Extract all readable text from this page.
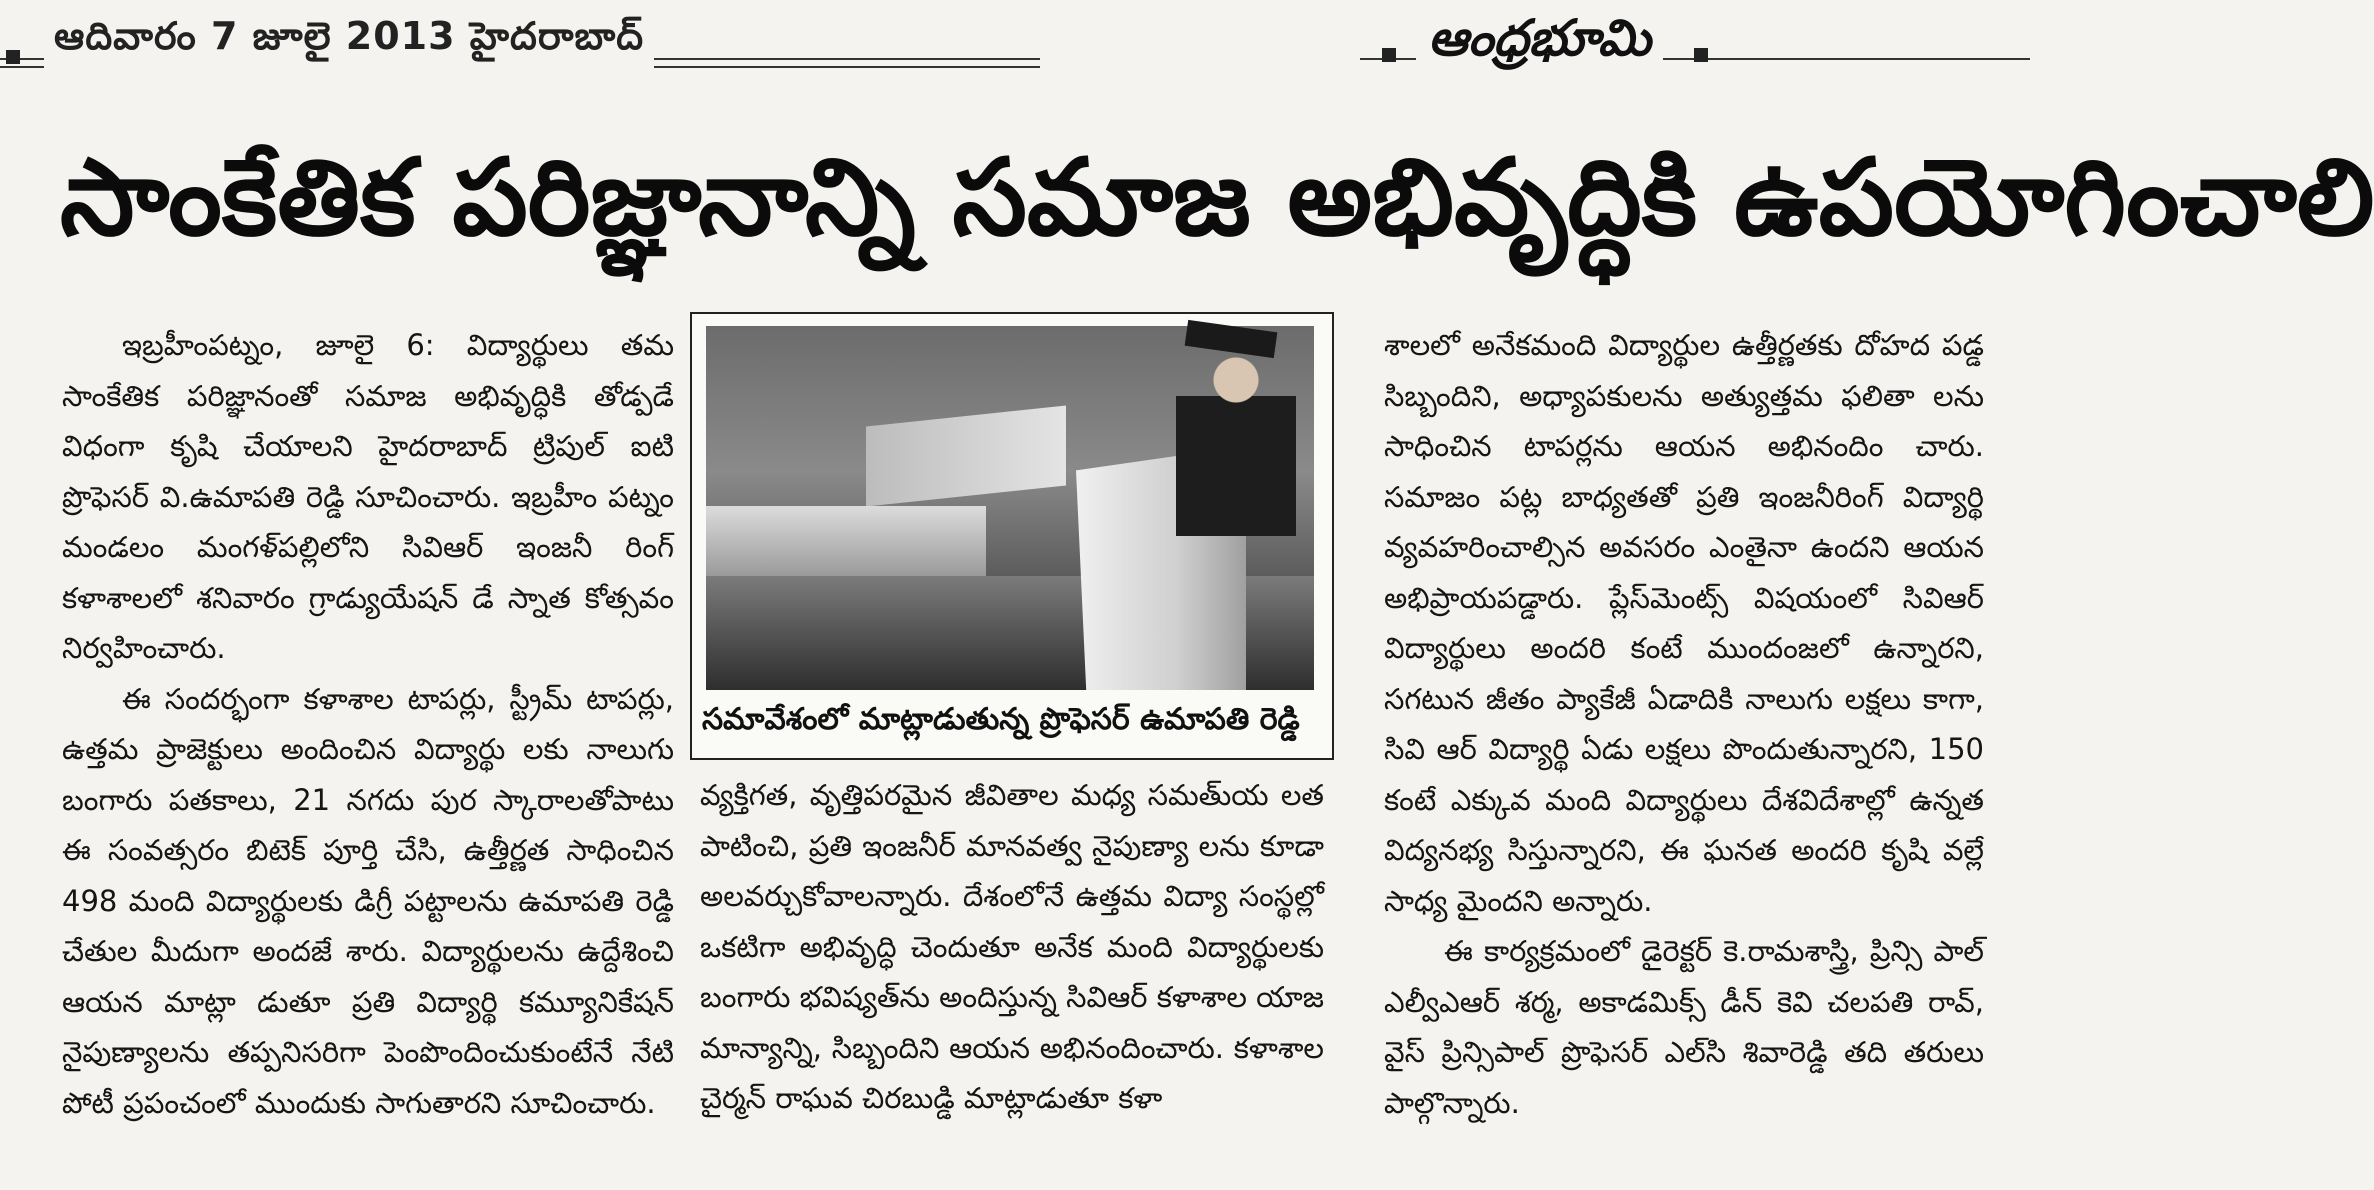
ఆదివారం 7 జూలై 2013 హైదరాబాద్	ఆంధ్రభూమి
సాంకేతిక పరిజ్ఞానాన్ని సమాజ అభివృద్ధికి ఉపయోగించాలి

ఇబ్రహీంపట్నం, జూలై 6: విద్యార్థులు తమ సాంకేతిక పరిజ్ఞానంతో సమాజ అభివృద్ధికి తోడ్పడే విధంగా కృషి చేయాలని హైదరాబాద్ ట్రిపుల్ ఐటి ప్రొఫెసర్ వి.ఉమాపతి రెడ్డి సూచించారు. ఇబ్రహీం పట్నం మండలం మంగళ్‌పల్లిలోని సివిఆర్ ఇంజనీ రింగ్ కళాశాలలో శనివారం గ్రాడ్యుయేషన్ డే స్నాత కోత్సవం నిర్వహించారు.

ఈ సందర్భంగా కళాశాల టాపర్లు, స్ట్రీమ్ టాపర్లు, ఉత్తమ ప్రాజెక్టులు అందించిన విద్యార్థు లకు నాలుగు బంగారు పతకాలు, 21 నగదు పుర స్కారాలతోపాటు ఈ సంవత్సరం బిటెక్ పూర్తి చేసి, ఉత్తీర్ణత సాధించిన 498 మంది విద్యార్థులకు డిగ్రీ పట్టాలను ఉమాపతి రెడ్డి చేతుల మీదుగా అందజే శారు. విద్యార్థులను ఉద్దేశించి ఆయన మాట్లా డుతూ ప్రతి విద్యార్థి కమ్యూనికేషన్ నైపుణ్యాలను తప్పనిసరిగా పెంపొందించుకుంటేనే నేటి పోటీ ప్రపంచంలో ముందుకు సాగుతారని సూచించారు.

సమావేశంలో మాట్లాడుతున్న ప్రొఫెసర్ ఉమాపతి రెడ్డి

వ్యక్తిగత, వృత్తిపరమైన జీవితాల మధ్య సమతు్య లత పాటించి, ప్రతి ఇంజనీర్ మానవత్వ నైపుణ్యా లను కూడా అలవర్చుకోవాలన్నారు. దేశంలోనే ఉత్తమ విద్యా సంస్థల్లో ఒకటిగా అభివృద్ధి చెందుతూ అనేక మంది విద్యార్థులకు బంగారు భవిష్యత్‌ను అందిస్తున్న సివిఆర్ కళాశాల యాజ మాన్యాన్ని, సిబ్బందిని ఆయన అభినందించారు. కళాశాల చైర్మన్ రాఘవ చిరబుడ్డి మాట్లాడుతూ కళా

శాలలో అనేకమంది విద్యార్థుల ఉత్తీర్ణతకు దోహద పడ్డ సిబ్బందిని, అధ్యాపకులను అత్యుత్తమ ఫలితా లను సాధించిన టాపర్లను ఆయన అభినందిం చారు. సమాజం పట్ల బాధ్యతతో ప్రతి ఇంజనీరింగ్ విద్యార్థి వ్యవహరించాల్సిన అవసరం ఎంతైనా ఉందని ఆయన అభిప్రాయపడ్డారు. ప్లేస్‌మెంట్స్ విషయంలో సివిఆర్ విద్యార్థులు అందరి కంటే ముందంజలో ఉన్నారని, సగటున జీతం ప్యాకేజీ ఏడాదికి నాలుగు లక్షలు కాగా, సివి ఆర్ విద్యార్థి ఏడు లక్షలు పొందుతున్నారని, 150 కంటే ఎక్కువ మంది విద్యార్థులు దేశవిదేశాల్లో ఉన్నత విద్యనభ్య సిస్తున్నారని, ఈ ఘనత అందరి కృషి వల్లే సాధ్య మైందని అన్నారు.

ఈ కార్యక్రమంలో డైరెక్టర్ కె.రామశాస్త్రి, ప్రిన్సి పాల్ ఎల్వీఎఆర్ శర్మ, అకాడమిక్స్ డీన్ కెవి చలపతి రావ్, వైస్ ప్రిన్సిపాల్ ప్రొఫెసర్ ఎల్‌సి శివారెడ్డి తది తరులు పాల్గొన్నారు.
